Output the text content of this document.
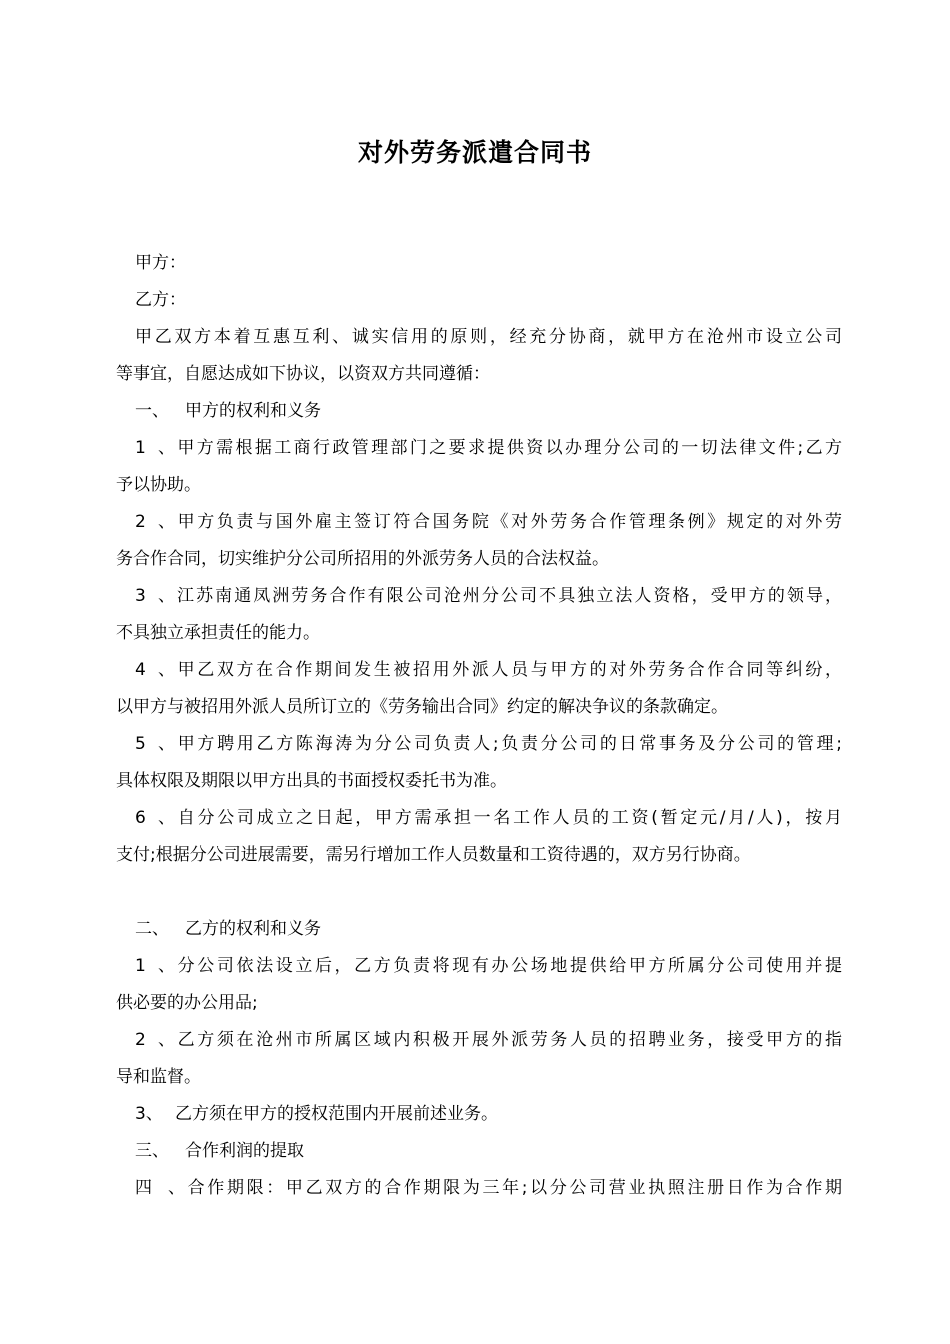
对外劳务派遣合同书
甲方：
乙方：
甲乙双方本着互惠互利、诚实信用的原则，经充分协商，就甲方在沧州市设立公司
等事宜，自愿达成如下协议，以资双方共同遵循：
一、 甲方的权利和义务
1、甲方需根据工商行政管理部门之要求提供资以办理分公司的一切法律文件;乙方
予以协助。
2、甲方负责与国外雇主签订符合国务院《对外劳务合作管理条例》规定的对外劳
务合作合同，切实维护分公司所招用的外派劳务人员的合法权益。
3、江苏南通凤洲劳务合作有限公司沧州分公司不具独立法人资格，受甲方的领导，
不具独立承担责任的能力。
4、甲乙双方在合作期间发生被招用外派人员与甲方的对外劳务合作合同等纠纷，
以甲方与被招用外派人员所订立的《劳务输出合同》约定的解决争议的条款确定。
5、甲方聘用乙方陈海涛为分公司负责人;负责分公司的日常事务及分公司的管理;
具体权限及期限以甲方出具的书面授权委托书为准。
6、自分公司成立之日起，甲方需承担一名工作人员的工资(暂定元/月/人)，按月
支付;根据分公司进展需要，需另行增加工作人员数量和工资待遇的，双方另行协商。
二、 乙方的权利和义务
1、分公司依法设立后，乙方负责将现有办公场地提供给甲方所属分公司使用并提
供必要的办公用品;
2、乙方须在沧州市所属区域内积极开展外派劳务人员的招聘业务，接受甲方的指
导和监督。
3、 乙方须在甲方的授权范围内开展前述业务。
三、 合作利润的提取
四、合作期限：甲乙双方的合作期限为三年;以分公司营业执照注册日作为合作期
